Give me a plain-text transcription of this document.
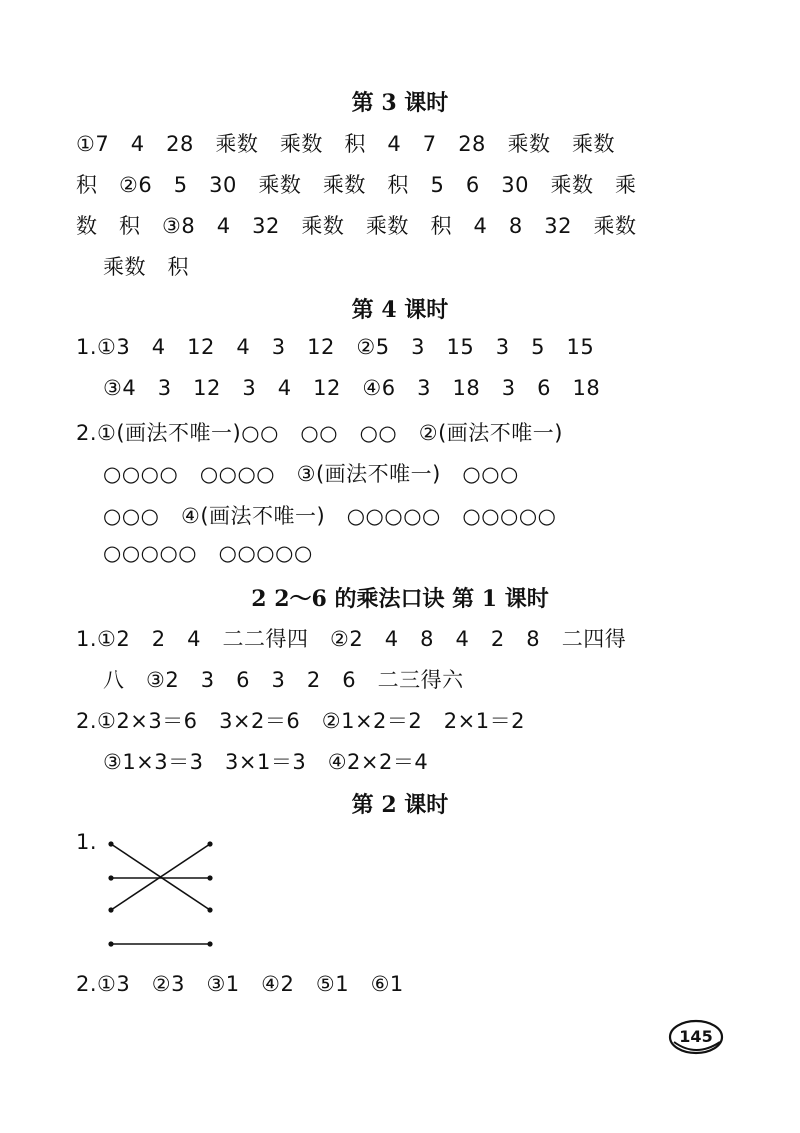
第 3 课时
①7   4   28   乘数   乘数   积   4   7   28   乘数   乘数
积   ②6   5   30   乘数   乘数   积   5   6   30   乘数   乘
数   积   ③8   4   32   乘数   乘数   积   4   8   32   乘数
乘数   积
第 4 课时
1.①3   4   12   4   3   12   ②5   3   15   3   5   15
③4   3   12   3   4   12   ④6   3   18   3   6   18
2.①(画法不唯一)○○   ○○   ○○   ②(画法不唯一)
○○○○   ○○○○   ③(画法不唯一)   ○○○
○○○   ④(画法不唯一)   ○○○○○   ○○○○○
○○○○○   ○○○○○
2 2～6 的乘法口诀 第 1 课时
1.①2   2   4   二二得四   ②2   4   8   4   2   8   二四得
八   ③2   3   6   3   2   6   二三得六
2.①2×3＝6   3×2＝6   ②1×2＝2   2×1＝2
③1×3＝3   3×1＝3   ④2×2＝4
第 2 课时
1.
2.①3   ②3   ③1   ④2   ⑤1   ⑥1
145
